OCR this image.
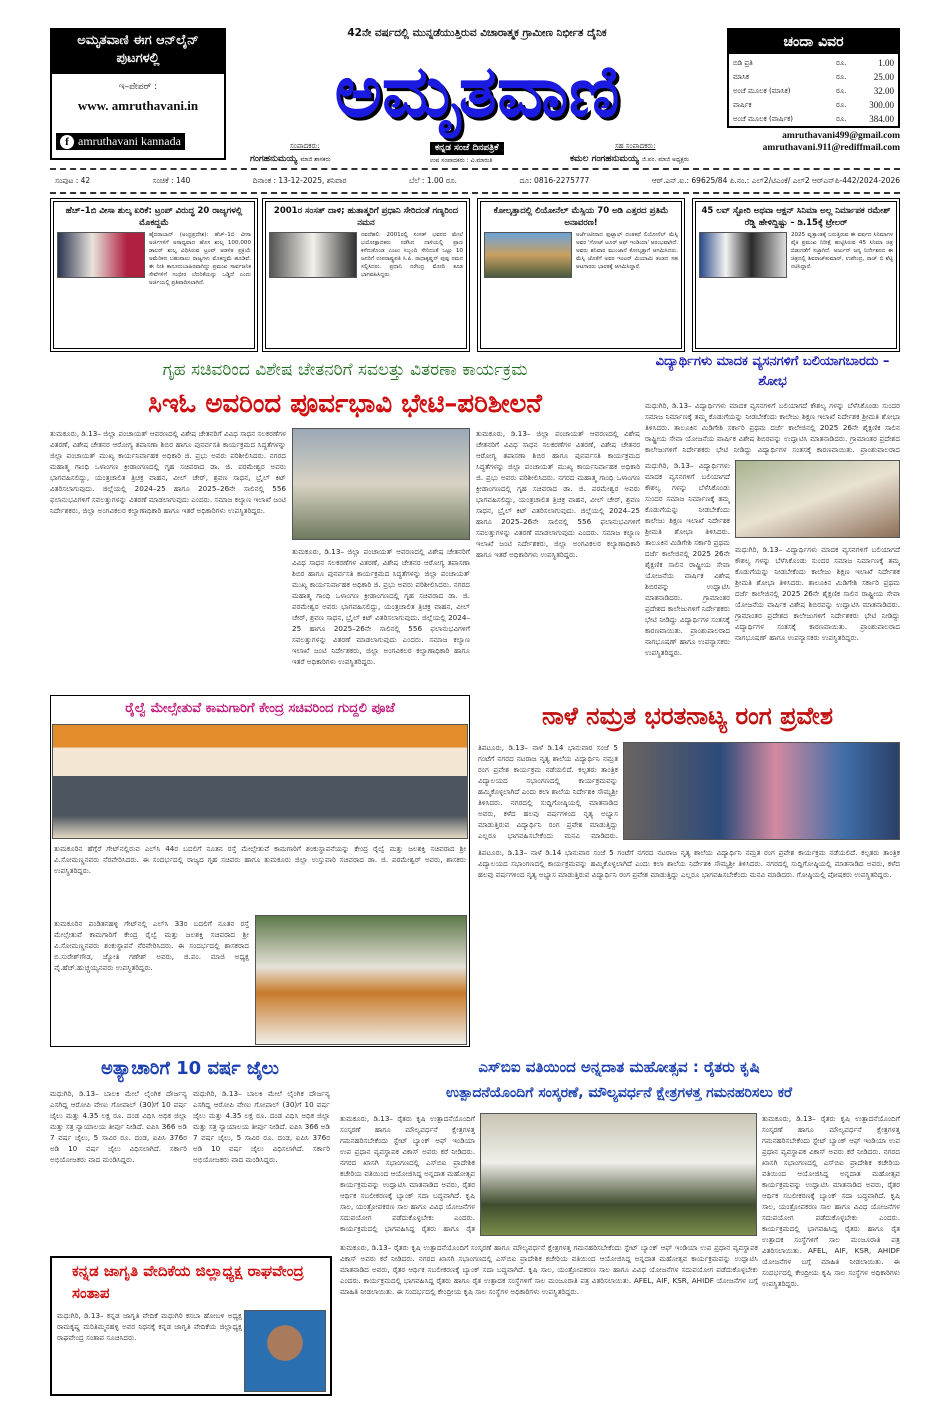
ಅಮೃತವಾಣಿ ಈಗ ಆನ್‌ಲೈನ್ ಪುಟಗಳಲ್ಲಿ
ಇ–ಪೇಪರ್ :
www. amruthavani.in
f amruthavani kannada
42ನೇ ವರ್ಷದಲ್ಲಿ ಮುನ್ನಡೆಯುತ್ತಿರುವ ವಿಚಾರಾತ್ಮಕ ಗ್ರಾಮೀಣ ನಿರ್ಭೀತ ದೈನಿಕ
ಅಮೃತವಾಣಿ
ಕನ್ನಡ ಸಂಜೆ ದಿನಪತ್ರಿಕೆ
ಉಪ ಸಂಪಾದಕರು : ವಿ.ಮಾರುತಿ
ಸಂಪಾದಕರು:
ಗಂಗಹನುಮಯ್ಯ ಮಾಜಿ ಶಾಸಕರು
ಸಹ ಸಂಪಾದಕರು:
ಕಮಲ ಗಂಗಹನುಮಯ್ಯ ಜಿ.ಪಂ. ಮಾಜಿ ಅಧ್ಯಕ್ಷರು
ಚಂದಾ ವಿವರ
ಬಿಡಿ ಪ್ರತಿ	ರೂ.	1.00
ಮಾಸಿಕ	ರೂ.	25.00
ಅಂಚೆ ಮೂಲಕ (ಮಾಸಿಕ)	ರೂ.	32.00
ವಾರ್ಷಿಕ	ರೂ.	300.00
ಅಂಚೆ ಮೂಲಕ (ವಾರ್ಷಿಕ)	ರೂ.	384.00
amruthavani499@gmail.com
amruthavani.911@rediffmail.com
ಸಂಪುಟ : 42	ಸಂಚಿಕೆ : 140	ದಿನಾಂಕ : 13-12-2025, ಶನಿವಾರ	ಬೆಲೆ : 1.00 ರೂ.	ದೂ: 0816-2275777	ಆರ್.ಎನ್.ಐ.: 69625/84 ಪಿ.ನಂ.: ಎಲ್2/ಟಿಎಂಕೆ/ ಎಲ್2 ಆರ್‌ಎನ್‌ಪಿ-442/2024-2026
ಹೆಚ್–1ಬಿ ವೀಸಾ ಶುಲ್ಕ ಏರಿಕೆ: ಟ್ರಂಪ್ ವಿರುದ್ಧ 20 ರಾಜ್ಯಗಳಲ್ಲಿ ಮೊಕದ್ದಮೆ
ಹೈದರಾಬಾದ್ (ಅಂಧ್ರಪ್ರದೇಶ): ಹೆಚ್–1ಬಿ ವೀಸಾ ಅರ್ಜಿಗಳಿಗೆ ಅಸಾಧ್ಯವಾದ ಹೊಸ ಶುಲ್ಕ 100,000 ಡಾಲರ್ ಶುಲ್ಕ ವಿಧಿಸಿರುವ ಟ್ರಂಪ್ ಆಡಳಿತ ಪ್ರಕ್ರಿಯೆ ಅಮೆರಿಕದ ಬಹುಪಾಲು ರಾಜ್ಯಗಳು ಮೊಕದ್ದಮೆ ಹೂಡಿವೆ. ಈ ನೀತಿ ಕಾನೂನುಬಾಹಿರವಾಗಿದ್ದು ಪ್ರಮುಖ ಸಾರ್ವಜನಿಕ ಸೇವೆಗಳಿಗೆ ಗಂಭೀರ ಬೆದರಿಕೆಯನ್ನು ಒಡ್ಡಿದೆ ಎಂದು ಅರ್ಜಿಯಲ್ಲಿ ಪ್ರತಿಪಾದಿಸಲಾಗಿದೆ.
2001ರ ಸಂಸತ್ ದಾಳಿ; ಹುತಾತ್ಮರಿಗೆ ಪ್ರಧಾನಿ ಸೇರಿದಂತೆ ಗಣ್ಯರಿಂದ ನಮನ
ನವದೆಹಲಿ: 2001ರಲ್ಲಿ ಸಂಸತ್ ಭವನದ ಮೇಲೆ ಭಯೋತ್ಪಾದಕರು ನಡೆಸಿದ ದಾಳಿಯಲ್ಲಿ ಪ್ರಾಣ ಕಳೆದುಕೊಂಡ ಎಂಟು ಸಿಬ್ಬಂದಿ ಸೇರಿದಂತೆ ಒಟ್ಟು 10 ಜನರಿಗೆ ಉಪರಾಷ್ಟ್ರಪತಿ ಸಿ.ಪಿ. ರಾಧಾಕೃಷ್ಣನ್ ಪುಷ್ಪ ನಮನ ಸಲ್ಲಿಸಿದರು. ಪ್ರಧಾನಿ ನರೇಂದ್ರ ಮೋದಿ ಕೂಡ ಭಾಗವಹಿಸಿದ್ದರು.
ಕೋಲ್ಕತ್ತಾದಲ್ಲಿ ಲಿಯೋನೆಲ್ ಮೆಸ್ಸಿಯ 70 ಅಡಿ ಎತ್ತರದ ಪ್ರತಿಮೆ ಅನಾವರಣ!
ಅರ್ಜೆಂಟೀನಾದ ಫುಟ್ಬಾಲ್ ದಂತಕಥೆ ಲಿಯೋನೆಲ್ ಮೆಸ್ಸಿ ಅವರ 'ಗೋಟ್ ಟೂರ್ ಆಫ್ ಇಂಡಿಯಾ' ಆರಂಭವಾಗಿದೆ. ಅವರು ಶನಿವಾರ ಮುಂಜಾನೆ ಕೋಲ್ಕತ್ತಾಗೆ ಆಗಮಿಸಿದರು. ಮೆಸ್ಸಿ ಜೊತೆಗೆ ಅವರ ಇಂಟರ್ ಮಿಯಾಮಿ ತಂಡದ ಸಹ ಆಟಗಾರರು ಭಾರತಕ್ಕೆ ಆಗಮಿಸಿದ್ದಾರೆ.
45 ಲವ್ ಸ್ಟೋರಿ ಅಥವಾ ಆಕ್ಷನ್ ಸಿನಿಮಾ ಅಲ್ಲ ನಿರ್ಮಾಪಕ ರಮೇಶ್ ರೆಡ್ಡಿ ಹೇಳಿದ್ದಿಷ್ಟು – ಡಿ.15ಕ್ಕೆ ಟ್ರೇಲರ್
2025 ವೃತ್ತಾಂತಕ್ಕೆ ಬರುತ್ತಿರುವ ಈ ವರ್ಷದ ಸಿನಿಮಾಗಳ ಪೈಕಿ ಪ್ರಮುಖ ನಿರೀಕ್ಷೆ ಹುಟ್ಟಿಸಿರುವ 45 ಸಿನಿಮಾ ಚಿತ್ರ ಬಿಡುಗಡೆಗೆ ಸಜ್ಜಾಗಿದೆ. ಅರ್ಜುನ್ ಜನ್ಯ ನಿರ್ದೇಶನದ ಈ ಚಿತ್ರದಲ್ಲಿ ಶಿವರಾಜ್‌ಕುಮಾರ್, ಉಪೇಂದ್ರ, ರಾಜ್ ಬಿ ಶೆಟ್ಟಿ ನಟಿಸಿದ್ದಾರೆ.
ಗೃಹ ಸಚಿವರಿಂದ ವಿಶೇಷ ಚೇತನರಿಗೆ ಸವಲತ್ತು ವಿತರಣಾ ಕಾರ್ಯಕ್ರಮ
ಸಿಇಓ ಅವರಿಂದ ಪೂರ್ವಭಾವಿ ಭೇಟಿ–ಪರಿಶೀಲನೆ
ತುಮಕೂರು, ಡಿ.13– ಜಿಲ್ಲಾ ಪಂಚಾಯತ್ ಆವರಣದಲ್ಲಿ ವಿಶೇಷ ಚೇತನರಿಗೆ ವಿವಿಧ ಸಾಧನ ಸಲಕರಣೆಗಳ ವಿತರಣೆ, ವಿಶೇಷ ಚೇತನರ ಆರೋಗ್ಯ ತಪಾಸಣಾ ಶಿಬಿರ ಹಾಗೂ ಪುನರ್ವಸತಿ ಕಾರ್ಯಕ್ರಮದ ಸಿದ್ಧತೆಗಳನ್ನು ಜಿಲ್ಲಾ ಪಂಚಾಯತ್ ಮುಖ್ಯ ಕಾರ್ಯನಿರ್ವಾಹಕ ಅಧಿಕಾರಿ ಜಿ. ಪ್ರಭು ಅವರು ಪರಿಶೀಲಿಸಿದರು. ನಗರದ ಮಹಾತ್ಮ ಗಾಂಧಿ ಒಳಾಂಗಣ ಕ್ರೀಡಾಂಗಣದಲ್ಲಿ ಗೃಹ ಸಚಿವರಾದ ಡಾ. ಜಿ. ಪರಮೇಶ್ವರ ಅವರು ಭಾಗವಹಿಸಲಿದ್ದು, ಯಂತ್ರಚಾಲಿತ ತ್ರಿಚಕ್ರ ವಾಹನ, ವೀಲ್ ಚೇರ್, ಶ್ರವಣ ಸಾಧನ, ಬ್ರೈಲ್ ಕಿಟ್ ವಿತರಿಸಲಾಗುವುದು. ಜಿಲ್ಲೆಯಲ್ಲಿ 2024–25 ಹಾಗೂ 2025–26ನೇ ಸಾಲಿನಲ್ಲಿ 556 ಫಲಾನುಭವಿಗಳಿಗೆ ಸವಲತ್ತುಗಳನ್ನು ವಿತರಣೆ ಮಾಡಲಾಗುವುದು ಎಂದರು. ಸಮಾಜ ಕಲ್ಯಾಣ ಇಲಾಖೆ ಜಂಟಿ ನಿರ್ದೇಶಕರು, ಜಿಲ್ಲಾ ಅಂಗವಿಕಲರ ಕಲ್ಯಾಣಾಧಿಕಾರಿ ಹಾಗೂ ಇತರೆ ಅಧಿಕಾರಿಗಳು ಉಪಸ್ಥಿತರಿದ್ದರು.
ತುಮಕೂರು, ಡಿ.13– ಜಿಲ್ಲಾ ಪಂಚಾಯತ್ ಆವರಣದಲ್ಲಿ ವಿಶೇಷ ಚೇತನರಿಗೆ ವಿವಿಧ ಸಾಧನ ಸಲಕರಣೆಗಳ ವಿತರಣೆ, ವಿಶೇಷ ಚೇತನರ ಆರೋಗ್ಯ ತಪಾಸಣಾ ಶಿಬಿರ ಹಾಗೂ ಪುನರ್ವಸತಿ ಕಾರ್ಯಕ್ರಮದ ಸಿದ್ಧತೆಗಳನ್ನು ಜಿಲ್ಲಾ ಪಂಚಾಯತ್ ಮುಖ್ಯ ಕಾರ್ಯನಿರ್ವಾಹಕ ಅಧಿಕಾರಿ ಜಿ. ಪ್ರಭು ಅವರು ಪರಿಶೀಲಿಸಿದರು. ನಗರದ ಮಹಾತ್ಮ ಗಾಂಧಿ ಒಳಾಂಗಣ ಕ್ರೀಡಾಂಗಣದಲ್ಲಿ ಗೃಹ ಸಚಿವರಾದ ಡಾ. ಜಿ. ಪರಮೇಶ್ವರ ಅವರು ಭಾಗವಹಿಸಲಿದ್ದು, ಯಂತ್ರಚಾಲಿತ ತ್ರಿಚಕ್ರ ವಾಹನ, ವೀಲ್ ಚೇರ್, ಶ್ರವಣ ಸಾಧನ, ಬ್ರೈಲ್ ಕಿಟ್ ವಿತರಿಸಲಾಗುವುದು. ಜಿಲ್ಲೆಯಲ್ಲಿ 2024–25 ಹಾಗೂ 2025–26ನೇ ಸಾಲಿನಲ್ಲಿ 556 ಫಲಾನುಭವಿಗಳಿಗೆ ಸವಲತ್ತುಗಳನ್ನು ವಿತರಣೆ ಮಾಡಲಾಗುವುದು ಎಂದರು. ಸಮಾಜ ಕಲ್ಯಾಣ ಇಲಾಖೆ ಜಂಟಿ ನಿರ್ದೇಶಕರು, ಜಿಲ್ಲಾ ಅಂಗವಿಕಲರ ಕಲ್ಯಾಣಾಧಿಕಾರಿ ಹಾಗೂ ಇತರೆ ಅಧಿಕಾರಿಗಳು ಉಪಸ್ಥಿತರಿದ್ದರು.
ತುಮಕೂರು, ಡಿ.13– ಜಿಲ್ಲಾ ಪಂಚಾಯತ್ ಆವರಣದಲ್ಲಿ ವಿಶೇಷ ಚೇತನರಿಗೆ ವಿವಿಧ ಸಾಧನ ಸಲಕರಣೆಗಳ ವಿತರಣೆ, ವಿಶೇಷ ಚೇತನರ ಆರೋಗ್ಯ ತಪಾಸಣಾ ಶಿಬಿರ ಹಾಗೂ ಪುನರ್ವಸತಿ ಕಾರ್ಯಕ್ರಮದ ಸಿದ್ಧತೆಗಳನ್ನು ಜಿಲ್ಲಾ ಪಂಚಾಯತ್ ಮುಖ್ಯ ಕಾರ್ಯನಿರ್ವಾಹಕ ಅಧಿಕಾರಿ ಜಿ. ಪ್ರಭು ಅವರು ಪರಿಶೀಲಿಸಿದರು. ನಗರದ ಮಹಾತ್ಮ ಗಾಂಧಿ ಒಳಾಂಗಣ ಕ್ರೀಡಾಂಗಣದಲ್ಲಿ ಗೃಹ ಸಚಿವರಾದ ಡಾ. ಜಿ. ಪರಮೇಶ್ವರ ಅವರು ಭಾಗವಹಿಸಲಿದ್ದು, ಯಂತ್ರಚಾಲಿತ ತ್ರಿಚಕ್ರ ವಾಹನ, ವೀಲ್ ಚೇರ್, ಶ್ರವಣ ಸಾಧನ, ಬ್ರೈಲ್ ಕಿಟ್ ವಿತರಿಸಲಾಗುವುದು. ಜಿಲ್ಲೆಯಲ್ಲಿ 2024–25 ಹಾಗೂ 2025–26ನೇ ಸಾಲಿನಲ್ಲಿ 556 ಫಲಾನುಭವಿಗಳಿಗೆ ಸವಲತ್ತುಗಳನ್ನು ವಿತರಣೆ ಮಾಡಲಾಗುವುದು ಎಂದರು. ಸಮಾಜ ಕಲ್ಯಾಣ ಇಲಾಖೆ ಜಂಟಿ ನಿರ್ದೇಶಕರು, ಜಿಲ್ಲಾ ಅಂಗವಿಕಲರ ಕಲ್ಯಾಣಾಧಿಕಾರಿ ಹಾಗೂ ಇತರೆ ಅಧಿಕಾರಿಗಳು ಉಪಸ್ಥಿತರಿದ್ದರು.
ವಿದ್ಯಾರ್ಥಿಗಳು ಮಾದಕ ವ್ಯಸನಗಳಿಗೆ ಬಲಿಯಾಗಬಾರದು – ಶೋಭ
ಮಧುಗಿರಿ, ಡಿ.13– ವಿದ್ಯಾರ್ಥಿಗಳು ಮಾದಕ ವ್ಯಸನಗಳಿಗೆ ಬಲಿಯಾಗದೆ ಕೌಶಲ್ಯ ಗಳನ್ನು ಬೆಳೆಸಿಕೊಂಡು ಸುಂದರ ಸಮಾಜ ನಿರ್ಮಾಣಕ್ಕೆ ತಮ್ಮ ಕೊಡುಗೆಯನ್ನು ನೀಡಬೇಕೆಂದು ಕಾಲೇಜು ಶಿಕ್ಷಣ ಇಲಾಖೆ ನಿರ್ದೇಶಕ ಶ್ರೀಮತಿ ಶೋಭಾ ತಿಳಿಸಿದರು. ತಾಲೂಕಿನ ಮಿಡಿಗೇಶಿ ಸರ್ಕಾರಿ ಪ್ರಥಮ ದರ್ಜೆ ಕಾಲೇಜಿನಲ್ಲಿ 2025 26ನೇ ಶೈಕ್ಷಣಿಕ ಸಾಲಿನ ರಾಷ್ಟ್ರೀಯ ಸೇವಾ ಯೋಜನೆಯ ವಾರ್ಷಿಕ ವಿಶೇಷ ಶಿಬಿರವನ್ನು ಉದ್ಘಾಟಿಸಿ ಮಾತನಾಡಿದರು. ಗ್ರಾಮಾಂತರ ಪ್ರದೇಶದ ಕಾಲೇಜುಗಳಿಗೆ ನಿರ್ದೇಶಕರು ಭೇಟಿ ನೀಡಿದ್ದು ವಿದ್ಯಾರ್ಥಿಗಳ ಸಂತಸಕ್ಕೆ ಕಾರಣವಾಯಿತು. ಪ್ರಾಂಶುಪಾಲರಾದ
ಮಧುಗಿರಿ, ಡಿ.13– ವಿದ್ಯಾರ್ಥಿಗಳು ಮಾದಕ ವ್ಯಸನಗಳಿಗೆ ಬಲಿಯಾಗದೆ ಕೌಶಲ್ಯ ಗಳನ್ನು ಬೆಳೆಸಿಕೊಂಡು ಸುಂದರ ಸಮಾಜ ನಿರ್ಮಾಣಕ್ಕೆ ತಮ್ಮ ಕೊಡುಗೆಯನ್ನು ನೀಡಬೇಕೆಂದು ಕಾಲೇಜು ಶಿಕ್ಷಣ ಇಲಾಖೆ ನಿರ್ದೇಶಕ ಶ್ರೀಮತಿ ಶೋಭಾ ತಿಳಿಸಿದರು. ತಾಲೂಕಿನ ಮಿಡಿಗೇಶಿ ಸರ್ಕಾರಿ ಪ್ರಥಮ ದರ್ಜೆ ಕಾಲೇಜಿನಲ್ಲಿ 2025 26ನೇ ಶೈಕ್ಷಣಿಕ ಸಾಲಿನ ರಾಷ್ಟ್ರೀಯ ಸೇವಾ ಯೋಜನೆಯ ವಾರ್ಷಿಕ ವಿಶೇಷ ಶಿಬಿರವನ್ನು ಉದ್ಘಾಟಿಸಿ ಮಾತನಾಡಿದರು. ಗ್ರಾಮಾಂತರ ಪ್ರದೇಶದ ಕಾಲೇಜುಗಳಿಗೆ ನಿರ್ದೇಶಕರು ಭೇಟಿ ನೀಡಿದ್ದು ವಿದ್ಯಾರ್ಥಿಗಳ ಸಂತಸಕ್ಕೆ ಕಾರಣವಾಯಿತು. ಪ್ರಾಂಶುಪಾಲರಾದ ನಾಗಭೂಷಣ್ ಹಾಗೂ ಉಪನ್ಯಾಸಕರು ಉಪಸ್ಥಿತರಿದ್ದರು.
ಮಧುಗಿರಿ, ಡಿ.13– ವಿದ್ಯಾರ್ಥಿಗಳು ಮಾದಕ ವ್ಯಸನಗಳಿಗೆ ಬಲಿಯಾಗದೆ ಕೌಶಲ್ಯ ಗಳನ್ನು ಬೆಳೆಸಿಕೊಂಡು ಸುಂದರ ಸಮಾಜ ನಿರ್ಮಾಣಕ್ಕೆ ತಮ್ಮ ಕೊಡುಗೆಯನ್ನು ನೀಡಬೇಕೆಂದು ಕಾಲೇಜು ಶಿಕ್ಷಣ ಇಲಾಖೆ ನಿರ್ದೇಶಕ ಶ್ರೀಮತಿ ಶೋಭಾ ತಿಳಿಸಿದರು. ತಾಲೂಕಿನ ಮಿಡಿಗೇಶಿ ಸರ್ಕಾರಿ ಪ್ರಥಮ ದರ್ಜೆ ಕಾಲೇಜಿನಲ್ಲಿ 2025 26ನೇ ಶೈಕ್ಷಣಿಕ ಸಾಲಿನ ರಾಷ್ಟ್ರೀಯ ಸೇವಾ ಯೋಜನೆಯ ವಾರ್ಷಿಕ ವಿಶೇಷ ಶಿಬಿರವನ್ನು ಉದ್ಘಾಟಿಸಿ ಮಾತನಾಡಿದರು. ಗ್ರಾಮಾಂತರ ಪ್ರದೇಶದ ಕಾಲೇಜುಗಳಿಗೆ ನಿರ್ದೇಶಕರು ಭೇಟಿ ನೀಡಿದ್ದು ವಿದ್ಯಾರ್ಥಿಗಳ ಸಂತಸಕ್ಕೆ ಕಾರಣವಾಯಿತು. ಪ್ರಾಂಶುಪಾಲರಾದ ನಾಗಭೂಷಣ್ ಹಾಗೂ ಉಪನ್ಯಾಸಕರು ಉಪಸ್ಥಿತರಿದ್ದರು.
ರೈಲ್ವೆ ಮೇಲ್ಸೇತುವೆ ಕಾಮಗಾರಿಗೆ ಕೇಂದ್ರ ಸಚಿವರಿಂದ ಗುದ್ದಲಿ ಪೂಜೆ
ತುಮಕೂರಿನ ಹೆಗ್ಗೆರೆ ಗೇಟ್‌ನಲ್ಲಿರುವ ಎಲ್‌ಸಿ 44ರ ಬದಲಿಗೆ ನೂತನ ರಸ್ತೆ ಮೇಲ್ಸೇತುವೆ ಕಾಮಗಾರಿಗೆ ಶಂಕುಸ್ಥಾಪನೆಯನ್ನು ಕೇಂದ್ರ ರೈಲ್ವೆ ಮತ್ತು ಜಲಶಕ್ತಿ ಸಚಿವರಾದ ಶ್ರೀ ವಿ.ಸೋಮಣ್ಣನವರು ನೆರವೇರಿಸಿದರು. ಈ ಸಂದರ್ಭದಲ್ಲಿ ರಾಜ್ಯದ ಗೃಹ ಸಚಿವರು ಹಾಗೂ ತುಮಕೂರು ಜಿಲ್ಲಾ ಉಸ್ತುವಾರಿ ಸಚಿವರಾದ ಡಾ. ಜಿ. ಪರಮೇಶ್ವರ್ ಅವರು, ಶಾಸಕರು ಉಪಸ್ಥಿತರಿದ್ದರು.
ತುಮಕೂರಿನ ಪಂಡಿತನಹಳ್ಳಿ ಗೇಟ್‌ನಲ್ಲಿ ಎಲ್‌ಸಿ 33ರ ಬದಲಿಗೆ ನೂತನ ರಸ್ತೆ ಮೇಲ್ಸೇತುವೆ ಕಾಮಗಾರಿಗೆ ಕೇಂದ್ರ ರೈಲ್ವೆ ಮತ್ತು ಜಲಶಕ್ತಿ ಸಚಿವರಾದ ಶ್ರೀ ವಿ.ಸೋಮಣ್ಣನವರು ಶಂಕುಸ್ಥಾಪನೆ ನೆರವೇರಿಸಿದರು. ಈ ಸಂದರ್ಭದಲ್ಲಿ ಶಾಸಕರಾದ ಬಿ.ಸುರೇಶ್‌ಗೌಡ, ಜ್ಯೋತಿ ಗಣೇಶ್ ಅವರು, ಜಿ.ಪಂ. ಮಾಜಿ ಅಧ್ಯಕ್ಷ ವೈ.ಹೆಚ್.ಹುಚ್ಚಯ್ಯನವರು ಉಪಸ್ಥಿತರಿದ್ದರು.
ನಾಳೆ ನಮ್ರತ ಭರತನಾಟ್ಯ ರಂಗ ಪ್ರವೇಶ
ತಿಪಟೂರು, ಡಿ.13– ನಾಳೆ ಡಿ.14 ಭಾನುವಾರ ಸಂಜೆ 5 ಗಂಟೆಗೆ ನಗರದ ನಟರಾಜ ನೃತ್ಯ ಶಾಲೆಯ ವಿದ್ಯಾರ್ಥಿನಿ ನಮ್ರತ ರಂಗ ಪ್ರವೇಶ ಕಾರ್ಯಕ್ರಮ ನಡೆಯಲಿದೆ. ಕಲ್ಪತರು ತಾಂತ್ರಿಕ ವಿದ್ಯಾಲಯದ ಸಭಾಂಗಣದಲ್ಲಿ ಕಾರ್ಯಕ್ರಮವನ್ನು ಹಮ್ಮಿಕೊಳ್ಳಲಾಗಿದೆ ಎಂದು ಕಲಾ ಶಾಲೆಯ ನಿರ್ದೇಶಕಿ ಸೌಮ್ಯಶ್ರೀ ತಿಳಿಸಿದರು. ನಗರದಲ್ಲಿ ಸುದ್ದಿಗೋಷ್ಠಿಯಲ್ಲಿ ಮಾತನಾಡಿದ ಅವರು, ಕಳೆದ ಹಲವು ವರ್ಷಗಳಿಂದ ನೃತ್ಯ ಅಭ್ಯಾಸ ಮಾಡುತ್ತಿರುವ ವಿದ್ಯಾರ್ಥಿನಿ ರಂಗ ಪ್ರವೇಶ ಮಾಡುತ್ತಿದ್ದು ಎಲ್ಲರೂ ಭಾಗವಹಿಸಬೇಕೆಂದು ಮನವಿ ಮಾಡಿದರು.
ತಿಪಟೂರು, ಡಿ.13– ನಾಳೆ ಡಿ.14 ಭಾನುವಾರ ಸಂಜೆ 5 ಗಂಟೆಗೆ ನಗರದ ನಟರಾಜ ನೃತ್ಯ ಶಾಲೆಯ ವಿದ್ಯಾರ್ಥಿನಿ ನಮ್ರತ ರಂಗ ಪ್ರವೇಶ ಕಾರ್ಯಕ್ರಮ ನಡೆಯಲಿದೆ. ಕಲ್ಪತರು ತಾಂತ್ರಿಕ ವಿದ್ಯಾಲಯದ ಸಭಾಂಗಣದಲ್ಲಿ ಕಾರ್ಯಕ್ರಮವನ್ನು ಹಮ್ಮಿಕೊಳ್ಳಲಾಗಿದೆ ಎಂದು ಕಲಾ ಶಾಲೆಯ ನಿರ್ದೇಶಕಿ ಸೌಮ್ಯಶ್ರೀ ತಿಳಿಸಿದರು. ನಗರದಲ್ಲಿ ಸುದ್ದಿಗೋಷ್ಠಿಯಲ್ಲಿ ಮಾತನಾಡಿದ ಅವರು, ಕಳೆದ ಹಲವು ವರ್ಷಗಳಿಂದ ನೃತ್ಯ ಅಭ್ಯಾಸ ಮಾಡುತ್ತಿರುವ ವಿದ್ಯಾರ್ಥಿನಿ ರಂಗ ಪ್ರವೇಶ ಮಾಡುತ್ತಿದ್ದು ಎಲ್ಲರೂ ಭಾಗವಹಿಸಬೇಕೆಂದು ಮನವಿ ಮಾಡಿದರು. ಗೋಷ್ಠಿಯಲ್ಲಿ ಪೋಷಕರು ಉಪಸ್ಥಿತರಿದ್ದರು.
ಅತ್ಯಾಚಾರಿಗೆ 10 ವರ್ಷ ಜೈಲು
ಮಧುಗಿರಿ, ಡಿ.13– ಬಾಲಕಿ ಮೇಲೆ ಲೈಂಗಿಕ ದೌರ್ಜನ್ಯ ಎಸಗಿದ್ದ ಆರೋಪಿ ವೇಣು ಗೋಪಾಲ್ (30)ಗೆ 10 ವರ್ಷ ಜೈಲು ಮತ್ತು 4.35 ಲಕ್ಷ ರೂ. ದಂಡ ವಿಧಿಸಿ ಅಧಿಕ ಜಿಲ್ಲಾ ಮತ್ತು ಸತ್ರ ನ್ಯಾಯಾಲಯ ತೀರ್ಪು ನೀಡಿದೆ. ಐಪಿಸಿ 366 ಅಡಿ 7 ವರ್ಷ ಜೈಲು, 5 ಸಾವಿರ ರೂ. ದಂಡ, ಐಪಿಸಿ 376ರ ಅಡಿ 10 ವರ್ಷ ಜೈಲು ವಿಧಿಸಲಾಗಿದೆ. ಸರ್ಕಾರಿ ಅಭಿಯೋಜಕರು ವಾದ ಮಂಡಿಸಿದ್ದರು.
ಮಧುಗಿರಿ, ಡಿ.13– ಬಾಲಕಿ ಮೇಲೆ ಲೈಂಗಿಕ ದೌರ್ಜನ್ಯ ಎಸಗಿದ್ದ ಆರೋಪಿ ವೇಣು ಗೋಪಾಲ್ (30)ಗೆ 10 ವರ್ಷ ಜೈಲು ಮತ್ತು 4.35 ಲಕ್ಷ ರೂ. ದಂಡ ವಿಧಿಸಿ ಅಧಿಕ ಜಿಲ್ಲಾ ಮತ್ತು ಸತ್ರ ನ್ಯಾಯಾಲಯ ತೀರ್ಪು ನೀಡಿದೆ. ಐಪಿಸಿ 366 ಅಡಿ 7 ವರ್ಷ ಜೈಲು, 5 ಸಾವಿರ ರೂ. ದಂಡ, ಐಪಿಸಿ 376ರ ಅಡಿ 10 ವರ್ಷ ಜೈಲು ವಿಧಿಸಲಾಗಿದೆ. ಸರ್ಕಾರಿ ಅಭಿಯೋಜಕರು ವಾದ ಮಂಡಿಸಿದ್ದರು.
ಕನ್ನಡ ಜಾಗೃತಿ ವೇದಿಕೆಯ ಜಿಲ್ಲಾಧ್ಯಕ್ಷ ರಾಘವೇಂದ್ರ ಸಂತಾಪ
ಮಧುಗಿರಿ, ಡಿ.13– ಕನ್ನಡ ಜಾಗೃತಿ ವೇದಿಕೆ ಮಧುಗಿರಿ ಕಸಬಾ ಹೋಬಳಿ ಅಧ್ಯಕ್ಷ ರಾಮಕೃಷ್ಣ ಮರಿತಿಮ್ಮನಹಳ್ಳಿ ಅವರ ನಿಧನಕ್ಕೆ ಕನ್ನಡ ಜಾಗೃತಿ ವೇದಿಕೆಯ ಜಿಲ್ಲಾಧ್ಯಕ್ಷ ರಾಘವೇಂದ್ರ ಸಂತಾಪ ಸೂಚಿಸಿದರು.
ಎಸ್‌ಬಿಐ ವತಿಯಿಂದ ಅನ್ನದಾತ ಮಹೋತ್ಸವ : ರೈತರು ಕೃಷಿ
ಉತ್ಪಾದನೆಯೊಂದಿಗೆ ಸಂಸ್ಕರಣೆ, ಮೌಲ್ಯವರ್ಧನೆ ಕ್ಷೇತ್ರಗಳತ್ತ ಗಮನಹರಿಸಲು ಕರೆ
ತುಮಕೂರು, ಡಿ.13– ರೈತರು ಕೃಷಿ ಉತ್ಪಾದನೆಯೊಂದಿಗೆ ಸಂಸ್ಕರಣೆ ಹಾಗೂ ಮೌಲ್ಯವರ್ಧನೆ ಕ್ಷೇತ್ರಗಳತ್ತ ಗಮನಹರಿಸಬೇಕೆಂದು ಸ್ಟೇಟ್ ಬ್ಯಾಂಕ್ ಆಫ್ ಇಂಡಿಯಾ ಉಪ ಪ್ರಧಾನ ವ್ಯವಸ್ಥಾಪಕ ವಿಕಾಸ್ ಅವರು ಕರೆ ನೀಡಿದರು. ನಗರದ ಖಾಸಗಿ ಸಭಾಂಗಣದಲ್ಲಿ ಎಸ್‌ಬಿಐ ಪ್ರಾದೇಶಿಕ ಕಚೇರಿಯ ವತಿಯಿಂದ ಆಯೋಜಿಸಿದ್ದ ಅನ್ನದಾತ ಮಹೋತ್ಸವ ಕಾರ್ಯಕ್ರಮವನ್ನು ಉದ್ಘಾಟಿಸಿ ಮಾತನಾಡಿದ ಅವರು, ರೈತರ ಆರ್ಥಿಕ ಸಬಲೀಕರಣಕ್ಕೆ ಬ್ಯಾಂಕ್ ಸದಾ ಬದ್ಧವಾಗಿದೆ. ಕೃಷಿ ಸಾಲ, ಯಂತ್ರೋಪಕರಣ ಸಾಲ ಹಾಗೂ ವಿವಿಧ ಯೋಜನೆಗಳ ಸದುಪಯೋಗ ಪಡೆದುಕೊಳ್ಳಬೇಕು ಎಂದರು. ಕಾರ್ಯಕ್ರಮದಲ್ಲಿ ಭಾಗವಹಿಸಿದ್ದ ರೈತರು ಹಾಗೂ ರೈತ
ತುಮಕೂರು, ಡಿ.13– ರೈತರು ಕೃಷಿ ಉತ್ಪಾದನೆಯೊಂದಿಗೆ ಸಂಸ್ಕರಣೆ ಹಾಗೂ ಮೌಲ್ಯವರ್ಧನೆ ಕ್ಷೇತ್ರಗಳತ್ತ ಗಮನಹರಿಸಬೇಕೆಂದು ಸ್ಟೇಟ್ ಬ್ಯಾಂಕ್ ಆಫ್ ಇಂಡಿಯಾ ಉಪ ಪ್ರಧಾನ ವ್ಯವಸ್ಥಾಪಕ ವಿಕಾಸ್ ಅವರು ಕರೆ ನೀಡಿದರು. ನಗರದ ಖಾಸಗಿ ಸಭಾಂಗಣದಲ್ಲಿ ಎಸ್‌ಬಿಐ ಪ್ರಾದೇಶಿಕ ಕಚೇರಿಯ ವತಿಯಿಂದ ಆಯೋಜಿಸಿದ್ದ ಅನ್ನದಾತ ಮಹೋತ್ಸವ ಕಾರ್ಯಕ್ರಮವನ್ನು ಉದ್ಘಾಟಿಸಿ ಮಾತನಾಡಿದ ಅವರು, ರೈತರ ಆರ್ಥಿಕ ಸಬಲೀಕರಣಕ್ಕೆ ಬ್ಯಾಂಕ್ ಸದಾ ಬದ್ಧವಾಗಿದೆ. ಕೃಷಿ ಸಾಲ, ಯಂತ್ರೋಪಕರಣ ಸಾಲ ಹಾಗೂ ವಿವಿಧ ಯೋಜನೆಗಳ ಸದುಪಯೋಗ ಪಡೆದುಕೊಳ್ಳಬೇಕು ಎಂದರು. ಕಾರ್ಯಕ್ರಮದಲ್ಲಿ ಭಾಗವಹಿಸಿದ್ದ ರೈತರು ಹಾಗೂ ರೈತ ಉತ್ಪಾದಕ ಸಂಸ್ಥೆಗಳಿಗೆ ಸಾಲ ಮಂಜೂರಾತಿ ಪತ್ರ ವಿತರಿಸಲಾಯಿತು. AFEL, AIF, KSR, AHIDF ಯೋಜನೆಗಳ ಬಗ್ಗೆ ಮಾಹಿತಿ ನೀಡಲಾಯಿತು. ಈ ಸಂದರ್ಭದಲ್ಲಿ ಕೇಂದ್ರೀಯ ಕೃಷಿ ಸಾಲ ಸಂಸ್ಥೆಗಳ ಅಧಿಕಾರಿಗಳು ಉಪಸ್ಥಿತರಿದ್ದರು.
ತುಮಕೂರು, ಡಿ.13– ರೈತರು ಕೃಷಿ ಉತ್ಪಾದನೆಯೊಂದಿಗೆ ಸಂಸ್ಕರಣೆ ಹಾಗೂ ಮೌಲ್ಯವರ್ಧನೆ ಕ್ಷೇತ್ರಗಳತ್ತ ಗಮನಹರಿಸಬೇಕೆಂದು ಸ್ಟೇಟ್ ಬ್ಯಾಂಕ್ ಆಫ್ ಇಂಡಿಯಾ ಉಪ ಪ್ರಧಾನ ವ್ಯವಸ್ಥಾಪಕ ವಿಕಾಸ್ ಅವರು ಕರೆ ನೀಡಿದರು. ನಗರದ ಖಾಸಗಿ ಸಭಾಂಗಣದಲ್ಲಿ ಎಸ್‌ಬಿಐ ಪ್ರಾದೇಶಿಕ ಕಚೇರಿಯ ವತಿಯಿಂದ ಆಯೋಜಿಸಿದ್ದ ಅನ್ನದಾತ ಮಹೋತ್ಸವ ಕಾರ್ಯಕ್ರಮವನ್ನು ಉದ್ಘಾಟಿಸಿ ಮಾತನಾಡಿದ ಅವರು, ರೈತರ ಆರ್ಥಿಕ ಸಬಲೀಕರಣಕ್ಕೆ ಬ್ಯಾಂಕ್ ಸದಾ ಬದ್ಧವಾಗಿದೆ. ಕೃಷಿ ಸಾಲ, ಯಂತ್ರೋಪಕರಣ ಸಾಲ ಹಾಗೂ ವಿವಿಧ ಯೋಜನೆಗಳ ಸದುಪಯೋಗ ಪಡೆದುಕೊಳ್ಳಬೇಕು ಎಂದರು. ಕಾರ್ಯಕ್ರಮದಲ್ಲಿ ಭಾಗವಹಿಸಿದ್ದ ರೈತರು ಹಾಗೂ ರೈತ ಉತ್ಪಾದಕ ಸಂಸ್ಥೆಗಳಿಗೆ ಸಾಲ ಮಂಜೂರಾತಿ ಪತ್ರ ವಿತರಿಸಲಾಯಿತು. AFEL, AIF, KSR, AHIDF ಯೋಜನೆಗಳ ಬಗ್ಗೆ ಮಾಹಿತಿ ನೀಡಲಾಯಿತು. ಈ ಸಂದರ್ಭದಲ್ಲಿ ಕೇಂದ್ರೀಯ ಕೃಷಿ ಸಾಲ ಸಂಸ್ಥೆಗಳ ಅಧಿಕಾರಿಗಳು ಉಪಸ್ಥಿತರಿದ್ದರು.
